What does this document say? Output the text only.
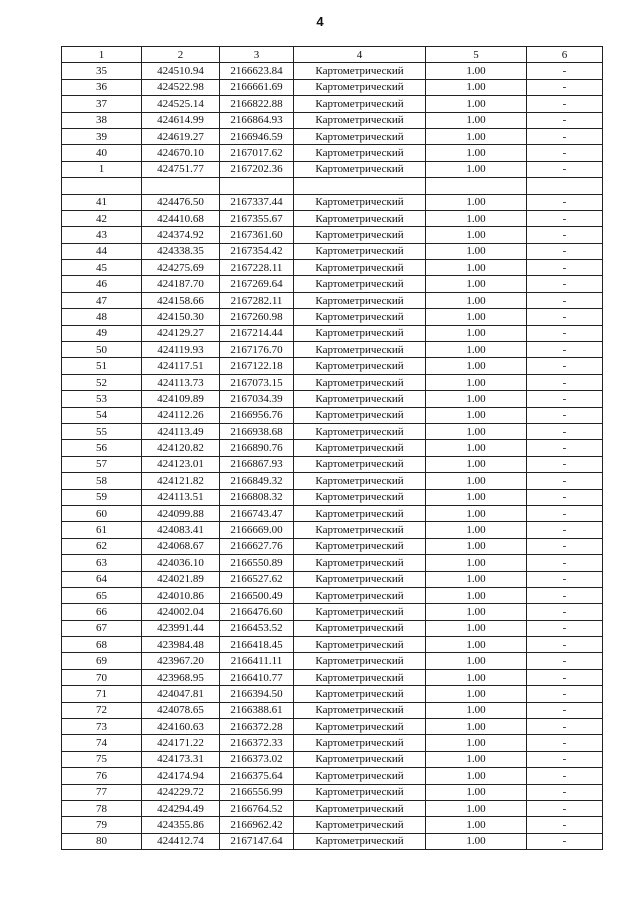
4
1	2	3	4	5	6
35	424510.94	2166623.84	Картометрический	1.00	-
36	424522.98	2166661.69	Картометрический	1.00	-
37	424525.14	2166822.88	Картометрический	1.00	-
38	424614.99	2166864.93	Картометрический	1.00	-
39	424619.27	2166946.59	Картометрический	1.00	-
40	424670.10	2167017.62	Картометрический	1.00	-
1	424751.77	2167202.36	Картометрический	1.00	-

41	424476.50	2167337.44	Картометрический	1.00	-
42	424410.68	2167355.67	Картометрический	1.00	-
43	424374.92	2167361.60	Картометрический	1.00	-
44	424338.35	2167354.42	Картометрический	1.00	-
45	424275.69	2167228.11	Картометрический	1.00	-
46	424187.70	2167269.64	Картометрический	1.00	-
47	424158.66	2167282.11	Картометрический	1.00	-
48	424150.30	2167260.98	Картометрический	1.00	-
49	424129.27	2167214.44	Картометрический	1.00	-
50	424119.93	2167176.70	Картометрический	1.00	-
51	424117.51	2167122.18	Картометрический	1.00	-
52	424113.73	2167073.15	Картометрический	1.00	-
53	424109.89	2167034.39	Картометрический	1.00	-
54	424112.26	2166956.76	Картометрический	1.00	-
55	424113.49	2166938.68	Картометрический	1.00	-
56	424120.82	2166890.76	Картометрический	1.00	-
57	424123.01	2166867.93	Картометрический	1.00	-
58	424121.82	2166849.32	Картометрический	1.00	-
59	424113.51	2166808.32	Картометрический	1.00	-
60	424099.88	2166743.47	Картометрический	1.00	-
61	424083.41	2166669.00	Картометрический	1.00	-
62	424068.67	2166627.76	Картометрический	1.00	-
63	424036.10	2166550.89	Картометрический	1.00	-
64	424021.89	2166527.62	Картометрический	1.00	-
65	424010.86	2166500.49	Картометрический	1.00	-
66	424002.04	2166476.60	Картометрический	1.00	-
67	423991.44	2166453.52	Картометрический	1.00	-
68	423984.48	2166418.45	Картометрический	1.00	-
69	423967.20	2166411.11	Картометрический	1.00	-
70	423968.95	2166410.77	Картометрический	1.00	-
71	424047.81	2166394.50	Картометрический	1.00	-
72	424078.65	2166388.61	Картометрический	1.00	-
73	424160.63	2166372.28	Картометрический	1.00	-
74	424171.22	2166372.33	Картометрический	1.00	-
75	424173.31	2166373.02	Картометрический	1.00	-
76	424174.94	2166375.64	Картометрический	1.00	-
77	424229.72	2166556.99	Картометрический	1.00	-
78	424294.49	2166764.52	Картометрический	1.00	-
79	424355.86	2166962.42	Картометрический	1.00	-
80	424412.74	2167147.64	Картометрический	1.00	-
